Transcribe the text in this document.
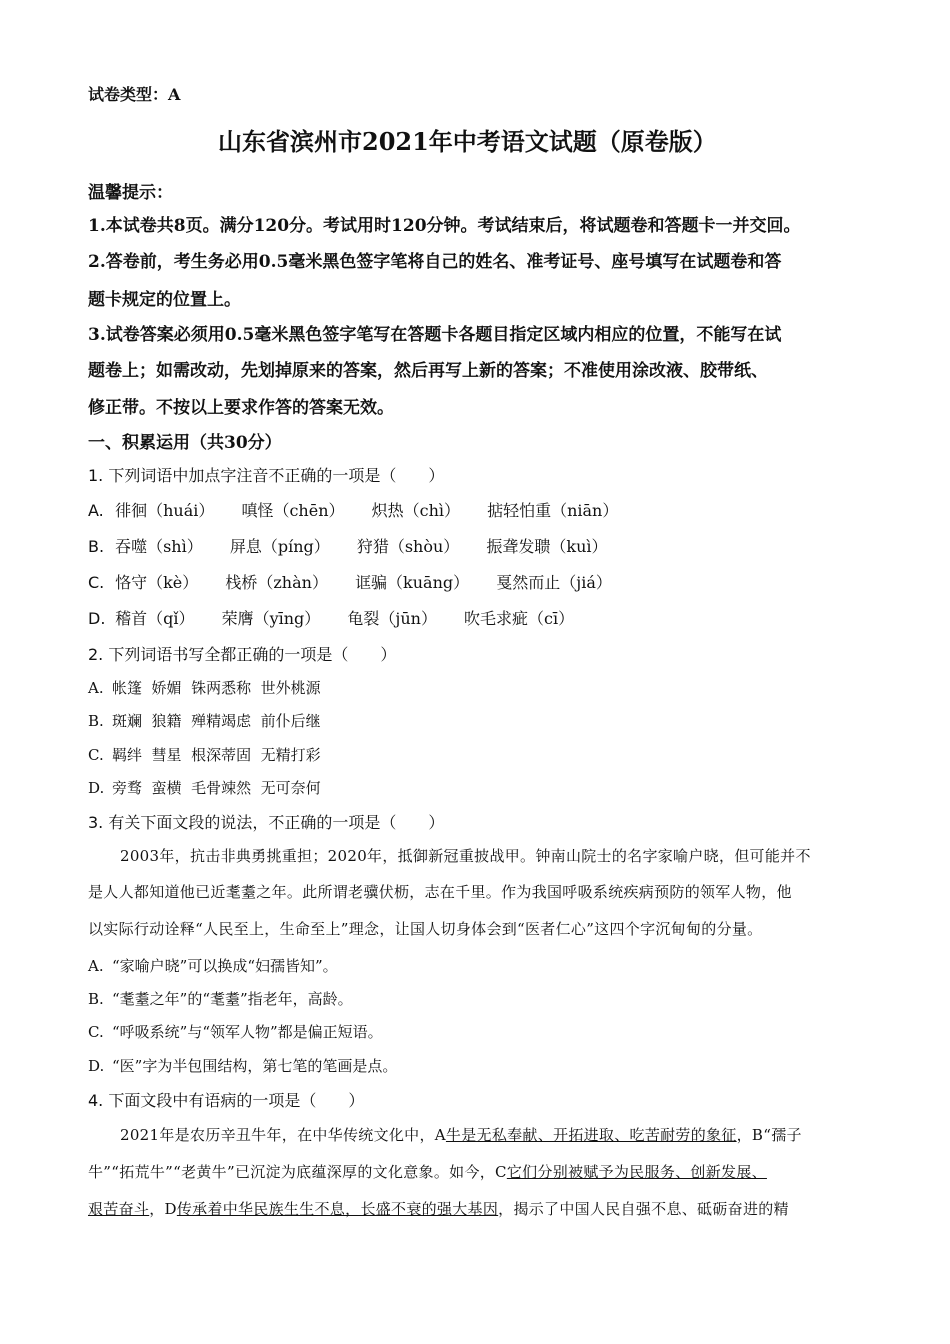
试卷类型：A
山东省滨州市2021年中考语文试题（原卷版）
温馨提示：
1.本试卷共8页。满分120分。考试用时120分钟。考试结束后，将试题卷和答题卡一并交回。
2.答卷前，考生务必用0.5毫米黑色签字笔将自己的姓名、准考证号、座号填写在试题卷和答
题卡规定的位置上。
3.试卷答案必须用0.5毫米黑色签字笔写在答题卡各题目指定区域内相应的位置，不能写在试
题卷上；如需改动，先划掉原来的答案，然后再写上新的答案；不准使用涂改液、胶带纸、
修正带。不按以上要求作答的答案无效。
一、积累运用（共30分）
1. 下列词语中加点字注音不正确的一项是（　　）
A. 徘徊（huái） 嗔怪（chēn） 炽热（chì） 掂轻怕重（niān）
B. 吞噬（shì） 屏息（píng） 狩猎（shòu） 振聋发聩（kuì）
C. 恪守（kè） 栈桥（zhàn） 诓骗（kuāng） 戛然而止（jiá）
D. 稽首（qǐ） 荣膺（yīng） 龟裂（jūn） 吹毛求疵（cī）
2. 下列词语书写全都正确的一项是（　　）
A. 帐篷  娇媚  铢两悉称  世外桃源
B. 斑斓  狼籍  殚精竭虑  前仆后继
C. 羁绊  彗星  根深蒂固  无精打彩
D. 旁骛  蛮横  毛骨竦然  无可奈何
3. 有关下面文段的说法，不正确的一项是（　　）
2003年，抗击非典勇挑重担；2020年，抵御新冠重披战甲。钟南山院士的名字家喻户晓，但可能并不
是人人都知道他已近耄耋之年。此所谓老骥伏枥，志在千里。作为我国呼吸系统疾病预防的领军人物，他
以实际行动诠释“人民至上，生命至上”理念，让国人切身体会到“医者仁心”这四个字沉甸甸的分量。
A. “家喻户晓”可以换成“妇孺皆知”。
B. “耄耋之年”的“耄耋”指老年，高龄。
C. “呼吸系统”与“领军人物”都是偏正短语。
D. “医”字为半包围结构，第七笔的笔画是点。
4. 下面文段中有语病的一项是（　　）
2021年是农历辛丑牛年，在中华传统文化中，A牛是无私奉献、开拓进取、吃苦耐劳的象征，B“孺子
牛”“拓荒牛”“老黄牛”已沉淀为底蕴深厚的文化意象。如今，C它们分别被赋予为民服务、创新发展、
艰苦奋斗，D传承着中华民族生生不息，长盛不衰的强大基因，揭示了中国人民自强不息、砥砺奋进的精
